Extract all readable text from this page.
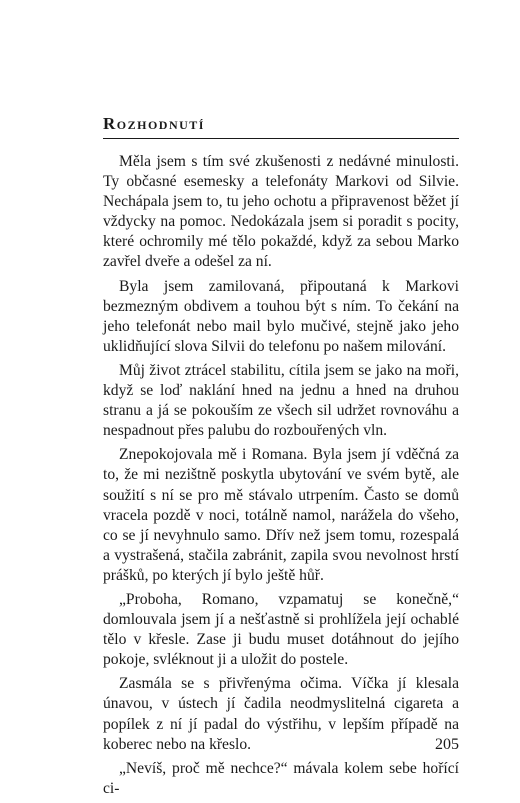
Rozhodnutí

Měla jsem s tím své zkušenosti z nedávné minulosti. Ty občasné esemesky a telefonáty Markovi od Silvie. Nechápala jsem to, tu jeho ochotu a připravenost běžet jí vždycky na pomoc. Nedokázala jsem si poradit s pocity, které ochromily mé tělo pokaždé, když za sebou Marko zavřel dveře a odešel za ní.

Byla jsem zamilovaná, připoutaná k Markovi bezmezným obdivem a touhou být s ním. To čekání na jeho telefonát nebo mail bylo mučivé, stejně jako jeho uklidňující slova Silvii do telefonu po našem milování.

Můj život ztrácel stabilitu, cítila jsem se jako na moři, když se loď naklání hned na jednu a hned na druhou stranu a já se pokouším ze všech sil udržet rovnováhu a nespadnout přes palubu do rozbouřených vln.

Znepokojovala mě i Romana. Byla jsem jí vděčná za to, že mi nezištně poskytla ubytování ve svém bytě, ale soužití s ní se pro mě stávalo utrpením. Často se domů vracela pozdě v noci, totálně namol, narážela do všeho, co se jí nevyhnulo samo. Dřív než jsem tomu, rozespalá a vystrašená, stačila zabránit, zapila svou nevolnost hrstí prášků, po kterých jí bylo ještě hůř.

„Proboha, Romano, vzpamatuj se konečně,“ domlouvala jsem jí a nešťastně si prohlížela její ochablé tělo v křesle. Zase ji budu muset dotáhnout do jejího pokoje, svléknout ji a uložit do postele.

Zasmála se s přivřenýma očima. Víčka jí klesala únavou, v ústech jí čadila neodmyslitelná cigareta a popílek z ní jí padal do výstřihu, v lepším případě na koberec nebo na křeslo.

„Nevíš, proč mě nechce?“ mávala kolem sebe hořící ci-

205
